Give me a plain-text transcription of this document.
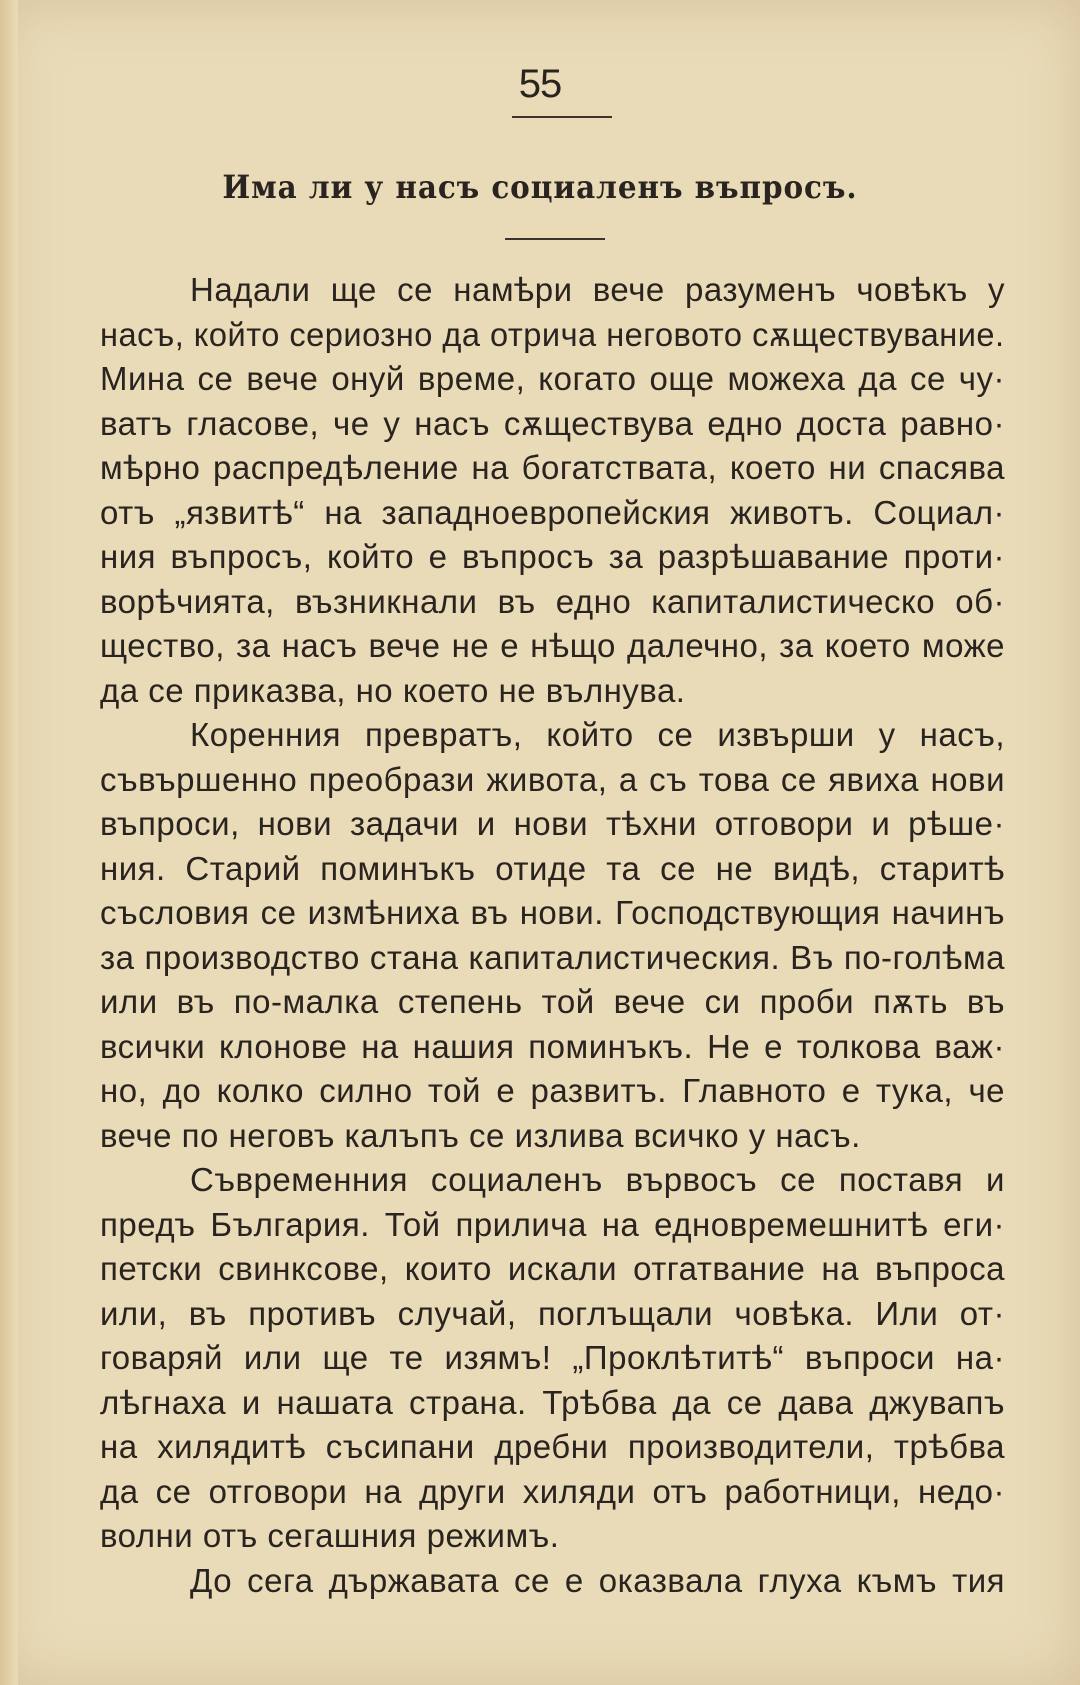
55
Има ли у насъ социаленъ въпросъ.
Надали ще се намѣри вече разуменъ човѣкъ у
насъ, който сериозно да отрича неговото сѫществувание.
Мина се вече онуй време, когато още можеха да се чу·
ватъ гласове, че у насъ сѫществува едно доста равно·
мѣрно распредѣление на богатствата, което ни спасява
отъ „язвитѣ“ на западноевропейския животъ. Социал·
ния въпросъ, който е въпросъ за разрѣшавание проти·
ворѣчията, възникнали въ едно капиталистическо об·
щество, за насъ вече не е нѣщо далечно, за което може
да се приказва, но което не вълнува.
Коренния превратъ, който се извърши у насъ,
съвършенно преобрази живота, а съ това се явиха нови
въпроси, нови задачи и нови тѣхни отговори и рѣше·
ния. Старий поминъкъ отиде та се не видѣ, старитѣ
съсловия се измѣниха въ нови. Господствующия начинъ
за производство стана капиталистическия. Въ по-голѣма
или въ по-малка степень той вече си проби пѫть въ
всички клонове на нашия поминъкъ. Не е толкова важ·
но, до колко силно той е развитъ. Главното е тука, че
вече по неговъ калъпъ се излива всичко у насъ.
Съвременния социаленъ вървосъ се поставя и
предъ България. Той прилича на едновремешнитѣ еги·
петски свинксове, които искали отгатвание на въпроса
или, въ противъ случай, поглъщали човѣка. Или от·
говаряй или ще те изямъ! „Проклѣтитѣ“ въпроси на·
лѣгнаха и нашата страна. Трѣбва да се дава джувапъ
на хилядитѣ съсипани дребни производители, трѣбва
да се отговори на други хиляди отъ работници, недо·
волни отъ сегашния режимъ.
До сега държавата се е оказвала глуха къмъ тия
